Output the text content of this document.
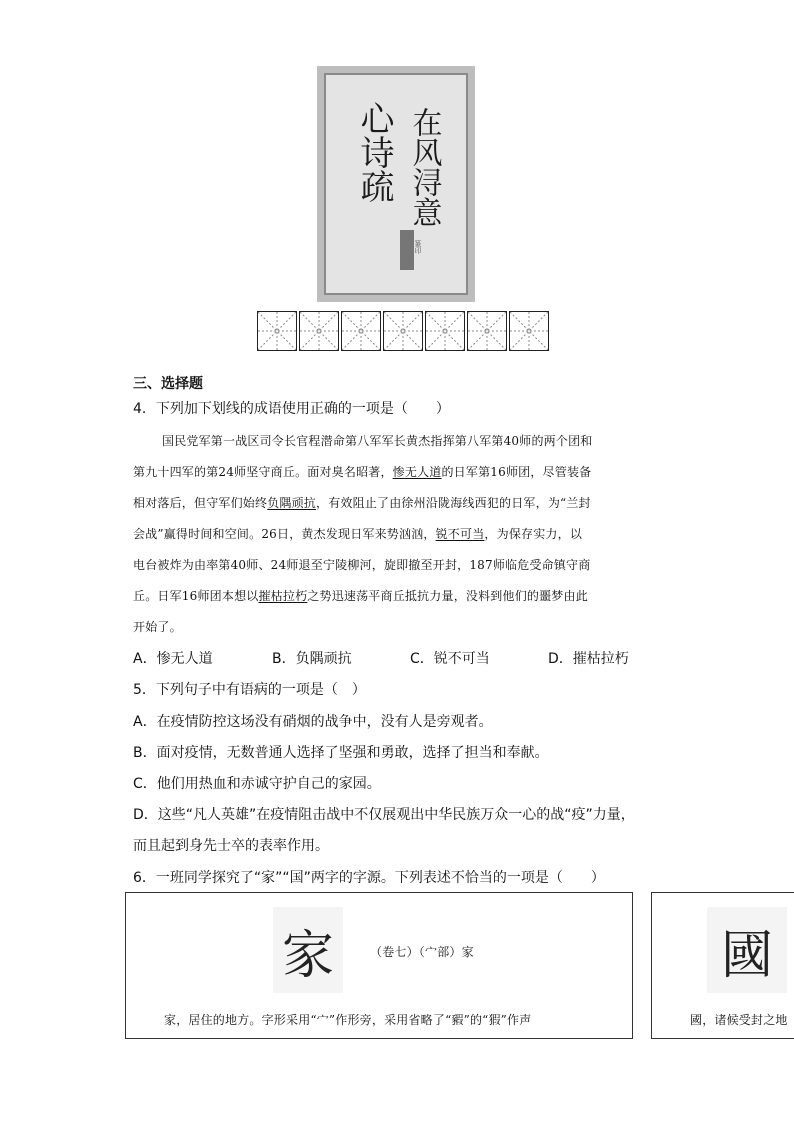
在风浔意
心诗疏
篆印
三、选择题
4．下列加下划线的成语使用正确的一项是（　　）
国民党军第一战区司令长官程潜命第八军军长黄杰指挥第八军第40师的两个团和
第九十四军的第24师坚守商丘。面对臭名昭著，惨无人道的日军第16师团，尽管装备
相对落后，但守军们始终负隅顽抗，有效阻止了由徐州沿陇海线西犯的日军，为“兰封
会战”赢得时间和空间。26日，黄杰发现日军来势汹汹，锐不可当，为保存实力，以
电台被炸为由率第40师、24师退至宁陵柳河，旋即撤至开封，187师临危受命镇守商
丘。日军16师团本想以摧枯拉朽之势迅速荡平商丘抵抗力量，没料到他们的噩梦由此
开始了。
A．惨无人道	B．负隅顽抗	C．锐不可当	D．摧枯拉朽
5．下列句子中有语病的一项是（　）
A．在疫情防控这场没有硝烟的战争中，没有人是旁观者。
B．面对疫情，无数普通人选择了坚强和勇敢，选择了担当和奉献。
C．他们用热血和赤诚守护自己的家园。
D．这些“凡人英雄”在疫情阻击战中不仅展观出中华民族万众一心的战“疫”力量，
而且起到身先士卒的表率作用。
6．一班同学探究了“家”“国”两字的字源。下列表述不恰当的一项是（　　）
家	（卷七）（宀部）家
家，居住的地方。字形采用“宀”作形旁，采用省略了“豭”的“猳”作声
國
國，诸候受封之地
